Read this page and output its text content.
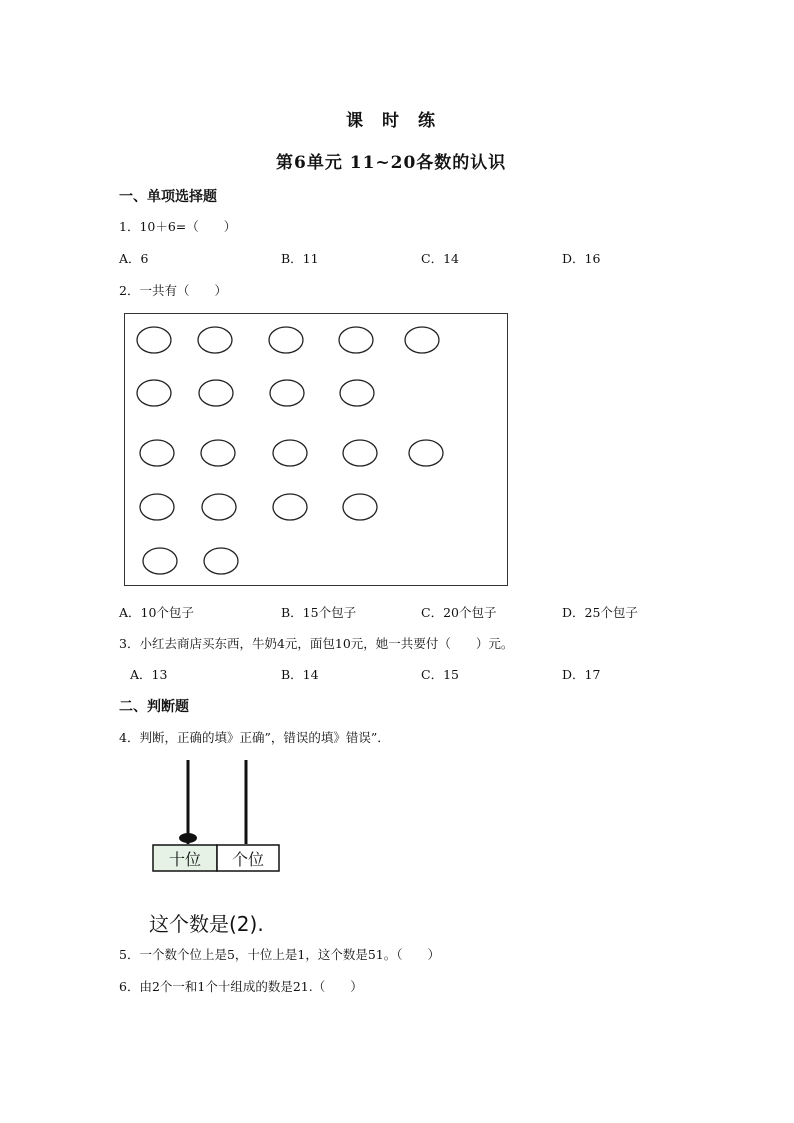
课　时　练
第6单元 11~20各数的认识
一、单项选择题
1．10＋6=（　　）
A．6	B．11	C．14	D．16
2．一共有（　　）
A．10个包子	B．15个包子	C．20个包子	D．25个包子
3．小红去商店买东西，牛奶4元，面包10元，她一共要付（　　）元。
A．13	B．14	C．15	D．17
二、判断题
4．判断，正确的填》正确”，错误的填》错误”．
十位 个位
这个数是(2).
5．一个数个位上是5，十位上是1，这个数是51。（　　）
6．由2个一和1个十组成的数是21.（　　）
